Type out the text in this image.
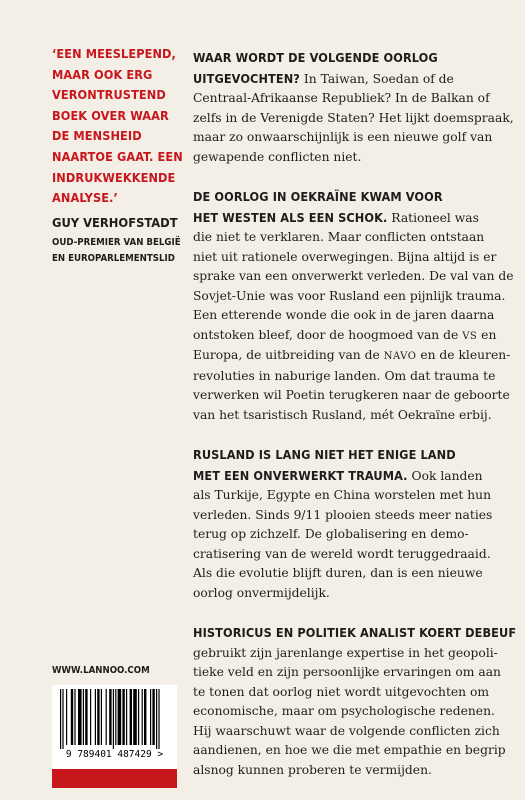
‘EEN MEESLEPEND,
MAAR OOK ERG
VERONTRUSTEND
BOEK OVER WAAR
DE MENSHEID
NAARTOE GAAT. EEN
INDRUKWEKKENDE
ANALYSE.’

GUY VERHOFSTADT
OUD-PREMIER VAN BELGIË
EN EUROPARLEMENTSLID
WWW.LANNOO.COM
9 789401 487429 >

WAAR WORDT DE VOLGENDE OORLOG
UITGEVOCHTEN? In Taiwan, Soedan of de
Centraal-Afrikaanse Republiek? In de Balkan of
zelfs in de Verenigde Staten? Het lijkt doemspraak,
maar zo onwaarschijnlijk is een nieuwe golf van
gewapende conflicten niet.

DE OORLOG IN OEKRAÏNE KWAM VOOR
HET WESTEN ALS EEN SCHOK. Rationeel was
die niet te verklaren. Maar conflicten ontstaan
niet uit rationele overwegingen. Bijna altijd is er
sprake van een onverwerkt verleden. De val van de
Sovjet-Unie was voor Rusland een pijnlijk trauma.
Een etterende wonde die ook in de jaren daarna
ontstoken bleef, door de hoogmoed van de VS en
Europa, de uitbreiding van de NAVO en de kleuren-
revoluties in naburige landen. Om dat trauma te
verwerken wil Poetin terugkeren naar de geboorte
van het tsaristisch Rusland, mét Oekraïne erbij.

RUSLAND IS LANG NIET HET ENIGE LAND
MET EEN ONVERWERKT TRAUMA. Ook landen
als Turkije, Egypte en China worstelen met hun
verleden. Sinds 9/11 plooien steeds meer naties
terug op zichzelf. De globalisering en demo-
cratisering van de wereld wordt teruggedraaid.
Als die evolutie blijft duren, dan is een nieuwe
oorlog onvermijdelijk.

HISTORICUS EN POLITIEK ANALIST KOERT DEBEUF
gebruikt zijn jarenlange expertise in het geopoli-
tieke veld en zijn persoonlijke ervaringen om aan
te tonen dat oorlog niet wordt uitgevochten om
economische, maar om psychologische redenen.
Hij waarschuwt waar de volgende conflicten zich
aandienen, en hoe we die met empathie en begrip
alsnog kunnen proberen te vermijden.
